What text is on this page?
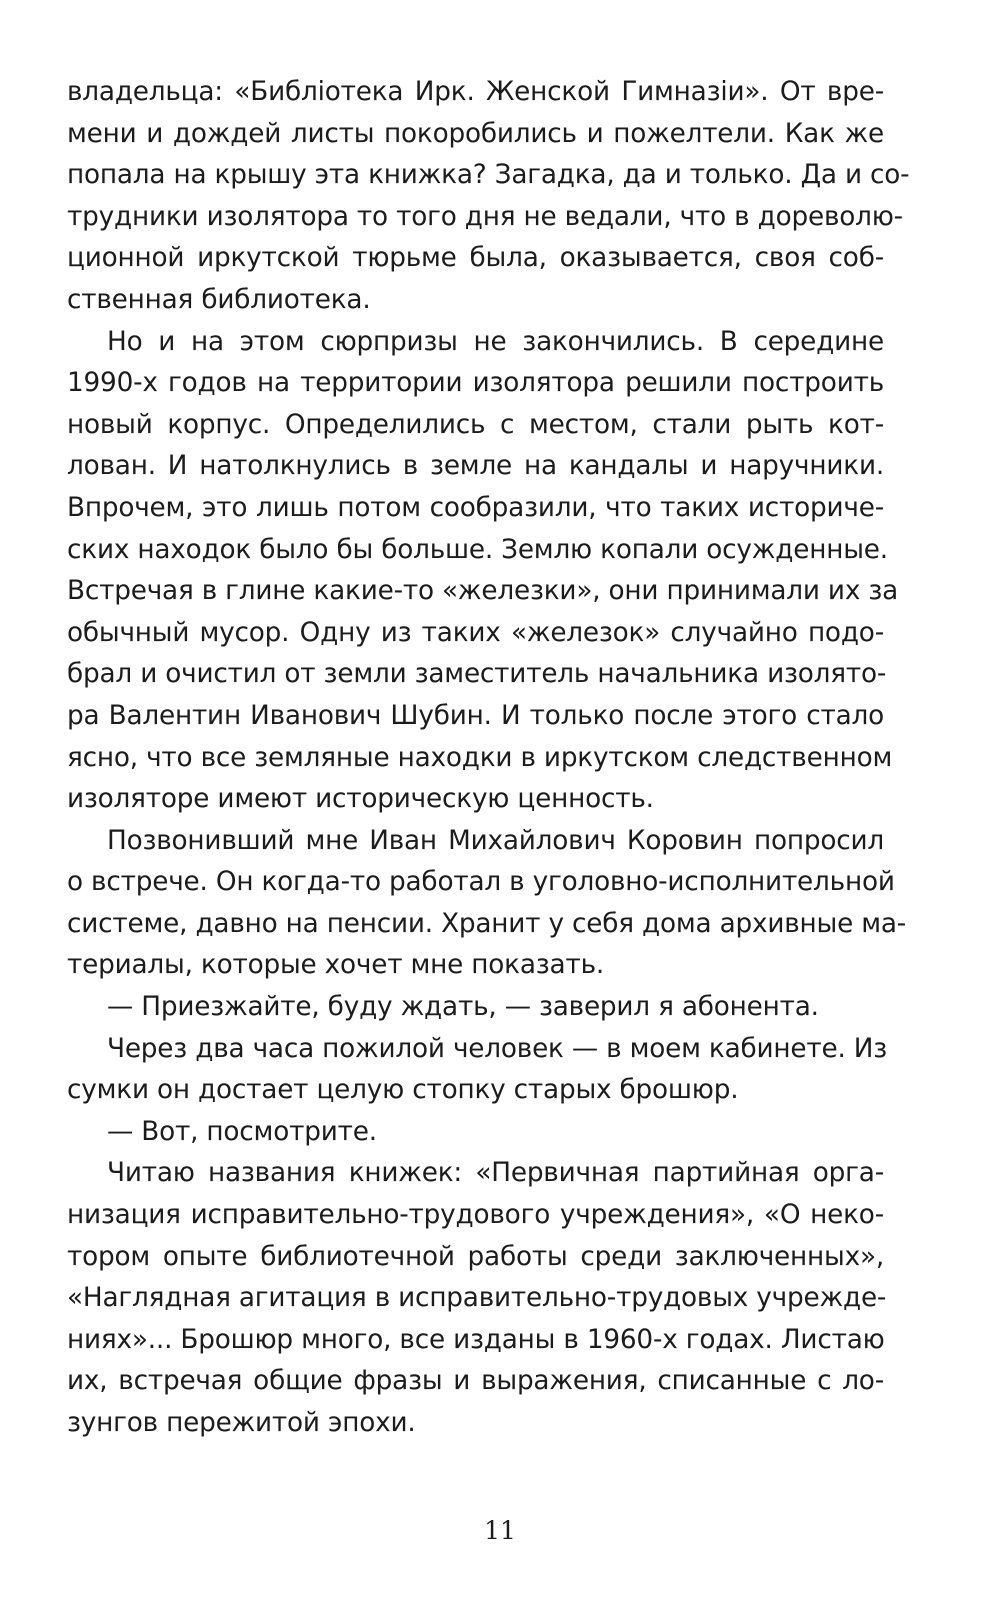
владельца: «Библіотека Ирк. Женской Гимназіи». От вре-
мени и дождей листы покоробились и пожелтели. Как же
попала на крышу эта книжка? Загадка, да и только. Да и со-
трудники изолятора то того дня не ведали, что в дореволю-
ционной иркутской тюрьме была, оказывается, своя соб-
ственная библиотека.
Но и на этом сюрпризы не закончились. В середине
1990-х годов на территории изолятора решили построить
новый корпус. Определились с местом, стали рыть кот-
лован. И натолкнулись в земле на кандалы и наручники.
Впрочем, это лишь потом сообразили, что таких историче-
ских находок было бы больше. Землю копали осужденные.
Встречая в глине какие-то «железки», они принимали их за
обычный мусор. Одну из таких «железок» случайно подо-
брал и очистил от земли заместитель начальника изолято-
ра Валентин Иванович Шубин. И только после этого стало
ясно, что все земляные находки в иркутском следственном
изоляторе имеют историческую ценность.
Позвонивший мне Иван Михайлович Коровин попросил
о встрече. Он когда-то работал в уголовно-исполнительной
системе, давно на пенсии. Хранит у себя дома архивные ма-
териалы, которые хочет мне показать.
— Приезжайте, буду ждать, — заверил я абонента.
Через два часа пожилой человек — в моем кабинете. Из
сумки он достает целую стопку старых брошюр.
— Вот, посмотрите.
Читаю названия книжек: «Первичная партийная орга-
низация исправительно-трудового учреждения», «О неко-
тором опыте библиотечной работы среди заключенных»,
«Наглядная агитация в исправительно-трудовых учрежде-
ниях»... Брошюр много, все изданы в 1960-х годах. Листаю
их, встречая общие фразы и выражения, списанные с ло-
зунгов пережитой эпохи.
11
